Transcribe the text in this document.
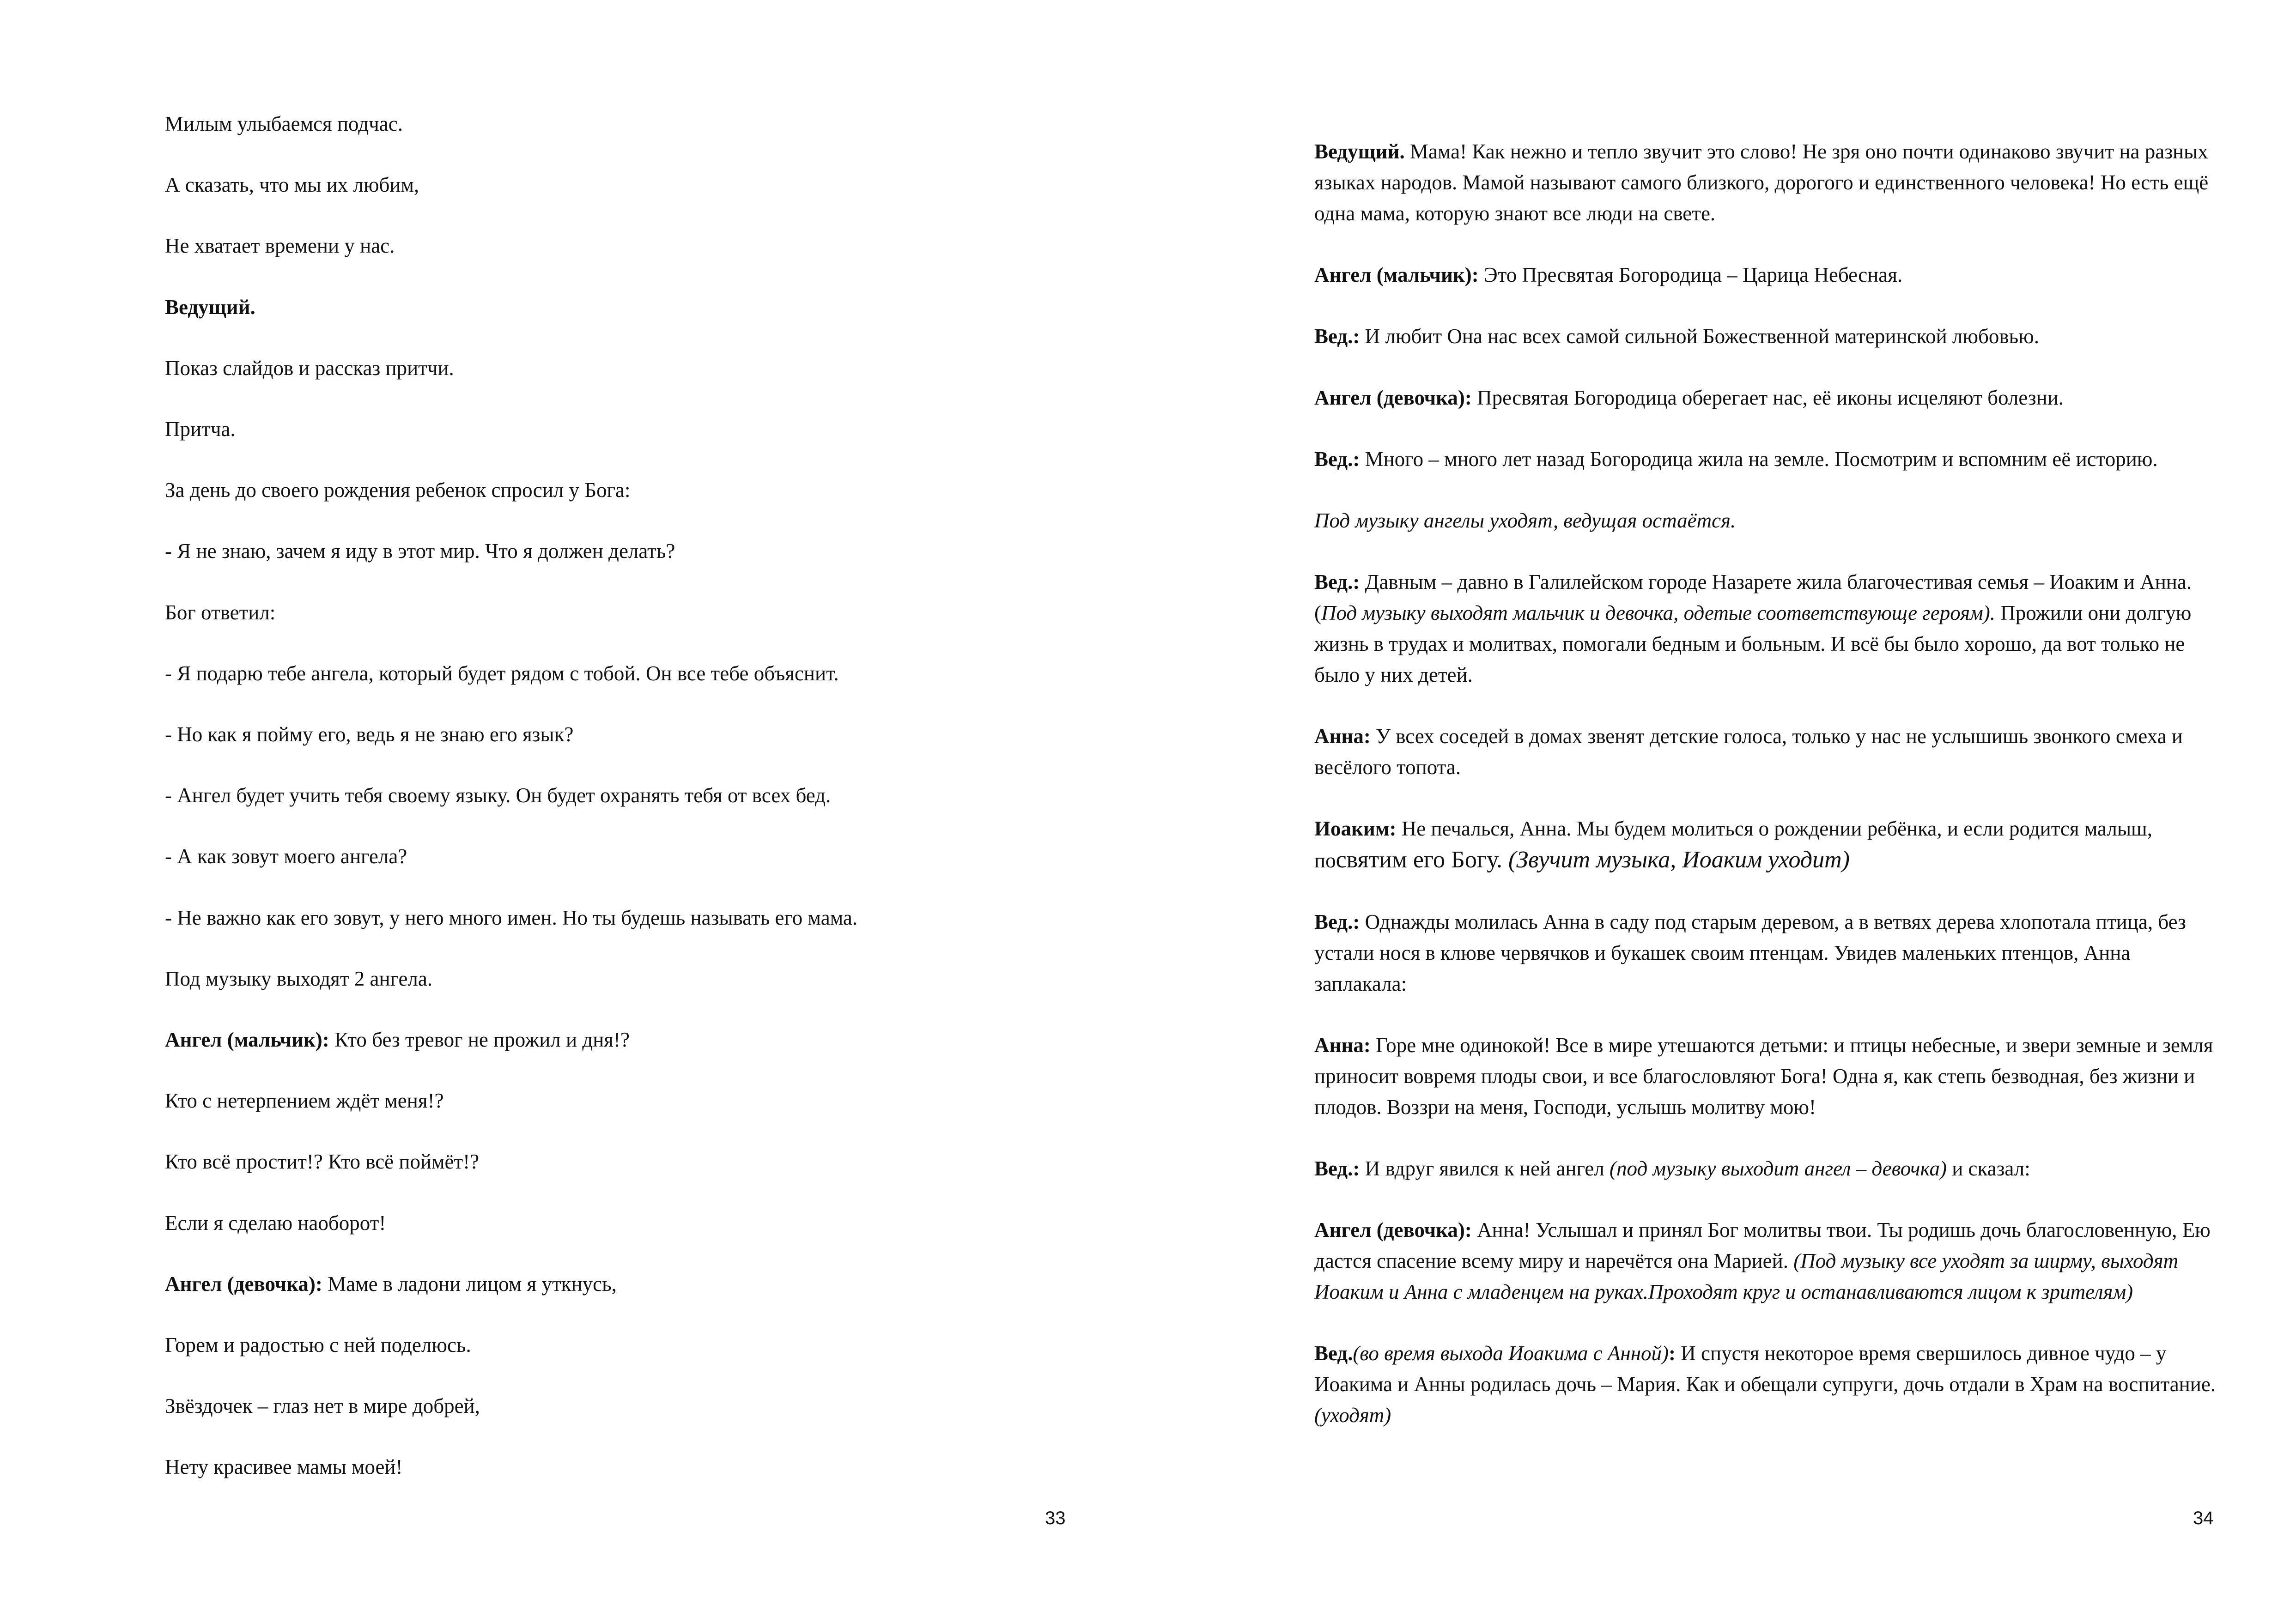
Милым улыбаемся подчас.
А сказать, что мы их любим,
Не хватает времени у нас.
Ведущий.
Показ слайдов и рассказ притчи.
Притча.
За день до своего рождения ребенок спросил у Бога:
- Я не знаю, зачем я иду в этот мир. Что я должен делать?
Бог ответил:
- Я подарю тебе ангела, который будет рядом с тобой. Он все тебе объяснит.
- Но как я пойму его, ведь я не знаю его язык?
- Ангел будет учить тебя своему языку. Он будет охранять тебя от всех бед.
- А как зовут моего ангела?
- Не важно как его зовут, у него много имен. Но ты будешь называть его мама.
Под музыку выходят 2 ангела.
Ангел (мальчик): Кто без тревог не прожил и дня!?
Кто с нетерпением ждёт меня!?
Кто всё простит!? Кто всё поймёт!?
Если я сделаю наоборот!
Ангел (девочка): Маме в ладони лицом я уткнусь,
Горем и радостью с ней поделюсь.
Звёздочек – глаз нет в мире добрей,
Нету красивее мамы моей!
33

Ведущий. Мама! Как нежно и тепло звучит это слово! Не зря оно почти одинаково звучит на разных языках народов. Мамой называют самого близкого, дорогого и единственного человека! Но есть ещё одна мама, которую знают все люди на свете.

Ангел (мальчик): Это Пресвятая Богородица – Царица Небесная.

Вед.: И любит Она нас всех самой сильной Божественной материнской любовью.

Ангел (девочка): Пресвятая Богородица оберегает нас, её иконы исцеляют болезни.

Вед.: Много – много лет назад Богородица жила на земле. Посмотрим и вспомним её историю.

Под музыку ангелы уходят, ведущая остаётся.

Вед.: Давным – давно в Галилейском городе Назарете жила благочестивая семья – Иоаким и Анна. (Под музыку выходят мальчик и девочка, одетые соответствующе героям). Прожили они долгую жизнь в трудах и молитвах, помогали бедным и больным. И всё бы было хорошо, да вот только не было у них детей.

Анна: У всех соседей в домах звенят детские голоса, только у нас не услышишь звонкого смеха и весёлого топота.

Иоаким: Не печалься, Анна. Мы будем молиться о рождении ребёнка, и если родится малыш, посвятим его Богу. (Звучит музыка, Иоаким уходит)

Вед.: Однажды молилась Анна в саду под старым деревом, а в ветвях дерева хлопотала птица, без устали нося в клюве червячков и букашек своим птенцам. Увидев маленьких птенцов, Анна заплакала:

Анна: Горе мне одинокой! Все в мире утешаются детьми: и птицы небесные, и звери земные и земля приносит вовремя плоды свои, и все благословляют Бога! Одна я, как степь безводная, без жизни и плодов. Воззри на меня, Господи, услышь молитву мою!

Вед.: И вдруг явился к ней ангел (под музыку выходит ангел – девочка) и сказал:

Ангел (девочка): Анна! Услышал и принял Бог молитвы твои. Ты родишь дочь благословенную, Ею дастся спасение всему миру и наречётся она Марией. (Под музыку все уходят за ширму, выходят Иоаким и Анна с младенцем на руках.Проходят круг и останавливаются лицом к зрителям)

Вед.(во время выхода Иоакима с Анной): И спустя некоторое время свершилось дивное чудо – у Иоакима и Анны родилась дочь – Мария. Как и обещали супруги, дочь отдали в Храм на воспитание.(уходят)

34
